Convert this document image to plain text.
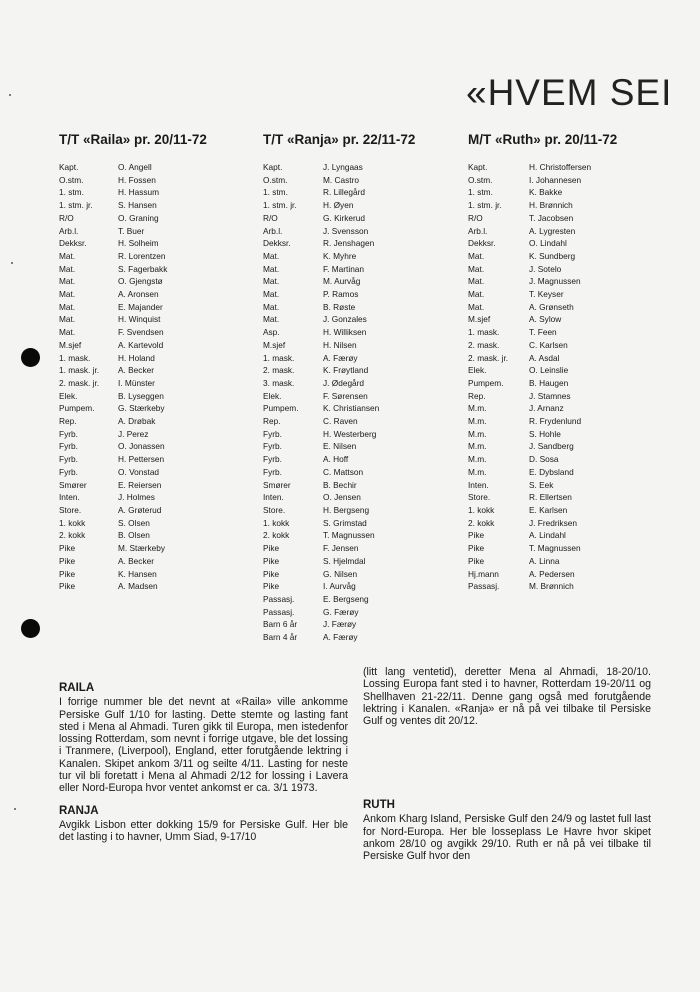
«HVEM SEI
T/T «Raila» pr. 20/11-72
Kapt.	O. Angell
O.stm.	H. Fossen
1. stm.	H. Hassum
1. stm. jr.	S. Hansen
R/O	O. Graning
Arb.l.	T. Buer
Dekksr.	H. Solheim
Mat.	R. Lorentzen
Mat.	S. Fagerbakk
Mat.	O. Gjengstø
Mat.	A. Aronsen
Mat.	E. Majander
Mat.	H. Winquist
Mat.	F. Svendsen
M.sjef	A. Kartevold
1. mask.	H. Holand
1. mask. jr.	A. Becker
2. mask. jr.	I. Münster
Elek.	B. Lyseggen
Pumpem.	G. Stærkeby
Rep.	A. Drøbak
Fyrb.	J. Perez
Fyrb.	O. Jonassen
Fyrb.	H. Pettersen
Fyrb.	O. Vonstad
Smører	E. Reiersen
Inten.	J. Holmes
Store.	A. Grøterud
1. kokk	S. Olsen
2. kokk	B. Olsen
Pike	M. Stærkeby
Pike	A. Becker
Pike	K. Hansen
Pike	A. Madsen
T/T «Ranja» pr. 22/11-72
Kapt.	J. Lyngaas
O.stm.	M. Castro
1. stm.	R. Lillegård
1. stm. jr.	H. Øyen
R/O	G. Kirkerud
Arb.l.	J. Svensson
Dekksr.	R. Jenshagen
Mat.	K. Myhre
Mat.	F. Martinan
Mat.	M. Aurvåg
Mat.	P. Ramos
Mat.	B. Røste
Mat.	J. Gonzales
Asp.	H. Williksen
M.sjef	H. Nilsen
1. mask.	A. Færøy
2. mask.	K. Frøytland
3. mask.	J. Ødegård
Elek.	F. Sørensen
Pumpem.	K. Christiansen
Rep.	C. Raven
Fyrb.	H. Westerberg
Fyrb.	E. Nilsen
Fyrb.	A. Hoff
Fyrb.	C. Mattson
Smører	B. Bechir
Inten.	O. Jensen
Store.	H. Bergseng
1. kokk	S. Grimstad
2. kokk	T. Magnussen
Pike	F. Jensen
Pike	S. Hjelmdal
Pike	G. Nilsen
Pike	I. Aurvåg
Passasj.	E. Bergseng
Passasj.	G. Færøy
Barn 6 år	J. Færøy
Barn 4 år	A. Færøy
M/T «Ruth» pr. 20/11-72
Kapt.	H. Christoffersen
O.stm.	I. Johannesen
1. stm.	K. Bakke
1. stm. jr.	H. Brønnich
R/O	T. Jacobsen
Arb.l.	A. Lygresten
Dekksr.	O. Lindahl
Mat.	K. Sundberg
Mat.	J. Sotelo
Mat.	J. Magnussen
Mat.	T. Keyser
Mat.	A. Grønseth
M.sjef	A. Sylow
1. mask.	T. Feen
2. mask.	C. Karlsen
2. mask. jr.	A. Asdal
Elek.	O. Leinslie
Pumpem.	B. Haugen
Rep.	J. Stamnes
M.m.	J. Arnanz
M.m.	R. Frydenlund
M.m.	S. Hohle
M.m.	J. Sandberg
M.m.	D. Sosa
M.m.	E. Dybsland
Inten.	S. Eek
Store.	R. Ellertsen
1. kokk	E. Karlsen
2. kokk	J. Fredriksen
Pike	A. Lindahl
Pike	T. Magnussen
Pike	A. Linna
Hj.mann	A. Pedersen
Passasj.	M. Brønnich
RAILA

I forrige nummer ble det nevnt at «Raila» ville ankomme Persiske Gulf 1/10 for lasting. Dette stemte og lasting fant sted i Mena al Ahmadi. Turen gikk til Europa, men istedenfor lossing Rotterdam, som nevnt i forrige utgave, ble det lossing i Tranmere, (Liverpool), England, etter forutgående lektring i Kanalen. Skipet ankom 3/11 og seilte 4/11. Lasting for neste tur vil bli foretatt i Mena al Ahmadi 2/12 for lossing i Lavera eller Nord-Europa hvor ventet ankomst er ca. 3/1 1973.

RANJA

Avgikk Lisbon etter dokking 15/9 for Persiske Gulf. Her ble det lasting i to havner, Umm Siad, 9-17/10

(litt lang ventetid), deretter Mena al Ahmadi, 18-20/10. Lossing Europa fant sted i to havner, Rotterdam 19-20/11 og Shellhaven 21-22/11. Denne gang også med forutgående lektring i Kanalen. «Ranja» er nå på vei tilbake til Persiske Gulf og ventes dit 20/12.

RUTH

Ankom Kharg Island, Persiske Gulf den 24/9 og lastet full last for Nord-Europa. Her ble losseplass Le Havre hvor skipet ankom 28/10 og avgikk 29/10. Ruth er nå på vei tilbake til Persiske Gulf hvor den
